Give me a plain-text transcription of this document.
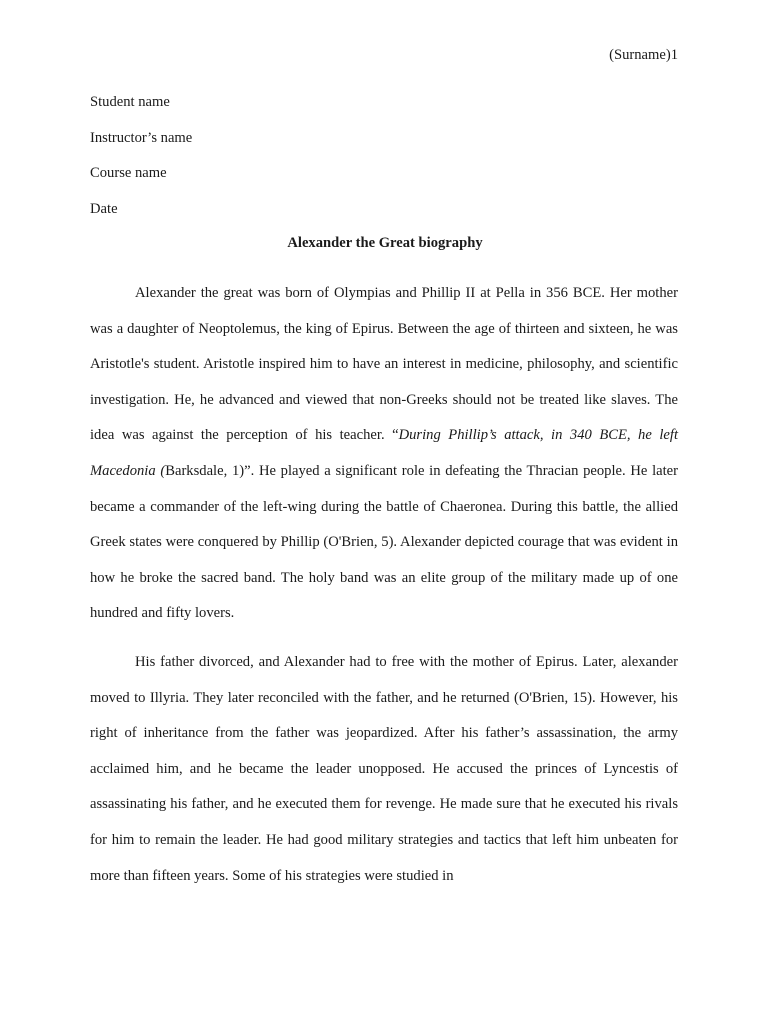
(Surname)1
Student name
Instructor’s name
Course name
Date
Alexander the Great biography

Alexander the great was born of Olympias and Phillip II at Pella in 356 BCE. Her mother was a daughter of Neoptolemus, the king of Epirus. Between the age of thirteen and sixteen, he was Aristotle's student. Aristotle inspired him to have an interest in medicine, philosophy, and scientific investigation. He, he advanced and viewed that non-Greeks should not be treated like slaves. The idea was against the perception of his teacher. “During Phillip’s attack, in 340 BCE, he left Macedonia (Barksdale, 1)”. He played a significant role in defeating the Thracian people. He later became a commander of the left-wing during the battle of Chaeronea. During this battle, the allied Greek states were conquered by Phillip (O'Brien, 5). Alexander depicted courage that was evident in how he broke the sacred band. The holy band was an elite group of the military made up of one hundred and fifty lovers.

His father divorced, and Alexander had to free with the mother of Epirus. Later, alexander moved to Illyria. They later reconciled with the father, and he returned (O'Brien, 15). However, his right of inheritance from the father was jeopardized. After his father’s assassination, the army acclaimed him, and he became the leader unopposed. He accused the princes of Lyncestis of assassinating his father, and he executed them for revenge. He made sure that he executed his rivals for him to remain the leader. He had good military strategies and tactics that left him unbeaten for more than fifteen years. Some of his strategies were studied in
